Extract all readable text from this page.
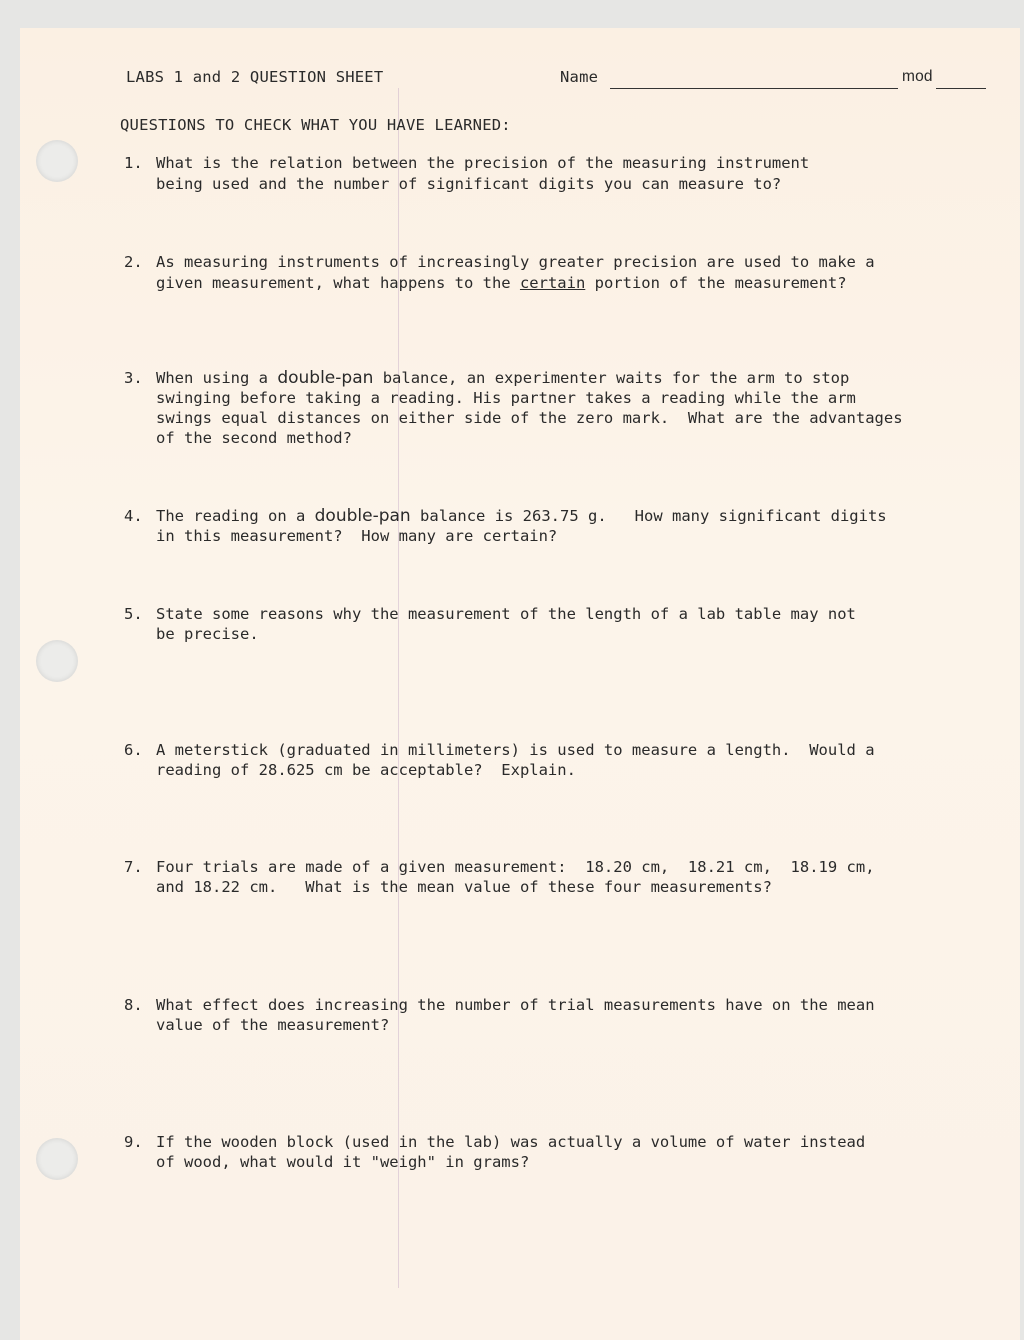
LABS 1 and 2 QUESTION SHEET	Name	mod
QUESTIONS TO CHECK WHAT YOU HAVE LEARNED:
1. What is the relation between the precision of the measuring instrument
being used and the number of significant digits you can measure to?
2. As measuring instruments of increasingly greater precision are used to make a
given measurement, what happens to the certain portion of the measurement?
3. When using a double-pan balance, an experimenter waits for the arm to stop
swinging before taking a reading. His partner takes a reading while the arm
swings equal distances on either side of the zero mark.  What are the advantages
of the second method?
4. The reading on a double-pan balance is 263.75 g.   How many significant digits
in this measurement?  How many are certain?
5. State some reasons why the measurement of the length of a lab table may not
be precise.
6. A meterstick (graduated in millimeters) is used to measure a length.  Would a
reading of 28.625 cm be acceptable?  Explain.
7. Four trials are made of a given measurement:  18.20 cm,  18.21 cm,  18.19 cm,
and 18.22 cm.   What is the mean value of these four measurements?
8. What effect does increasing the number of trial measurements have on the mean
value of the measurement?
9. If the wooden block (used in the lab) was actually a volume of water instead
of wood, what would it "weigh" in grams?
